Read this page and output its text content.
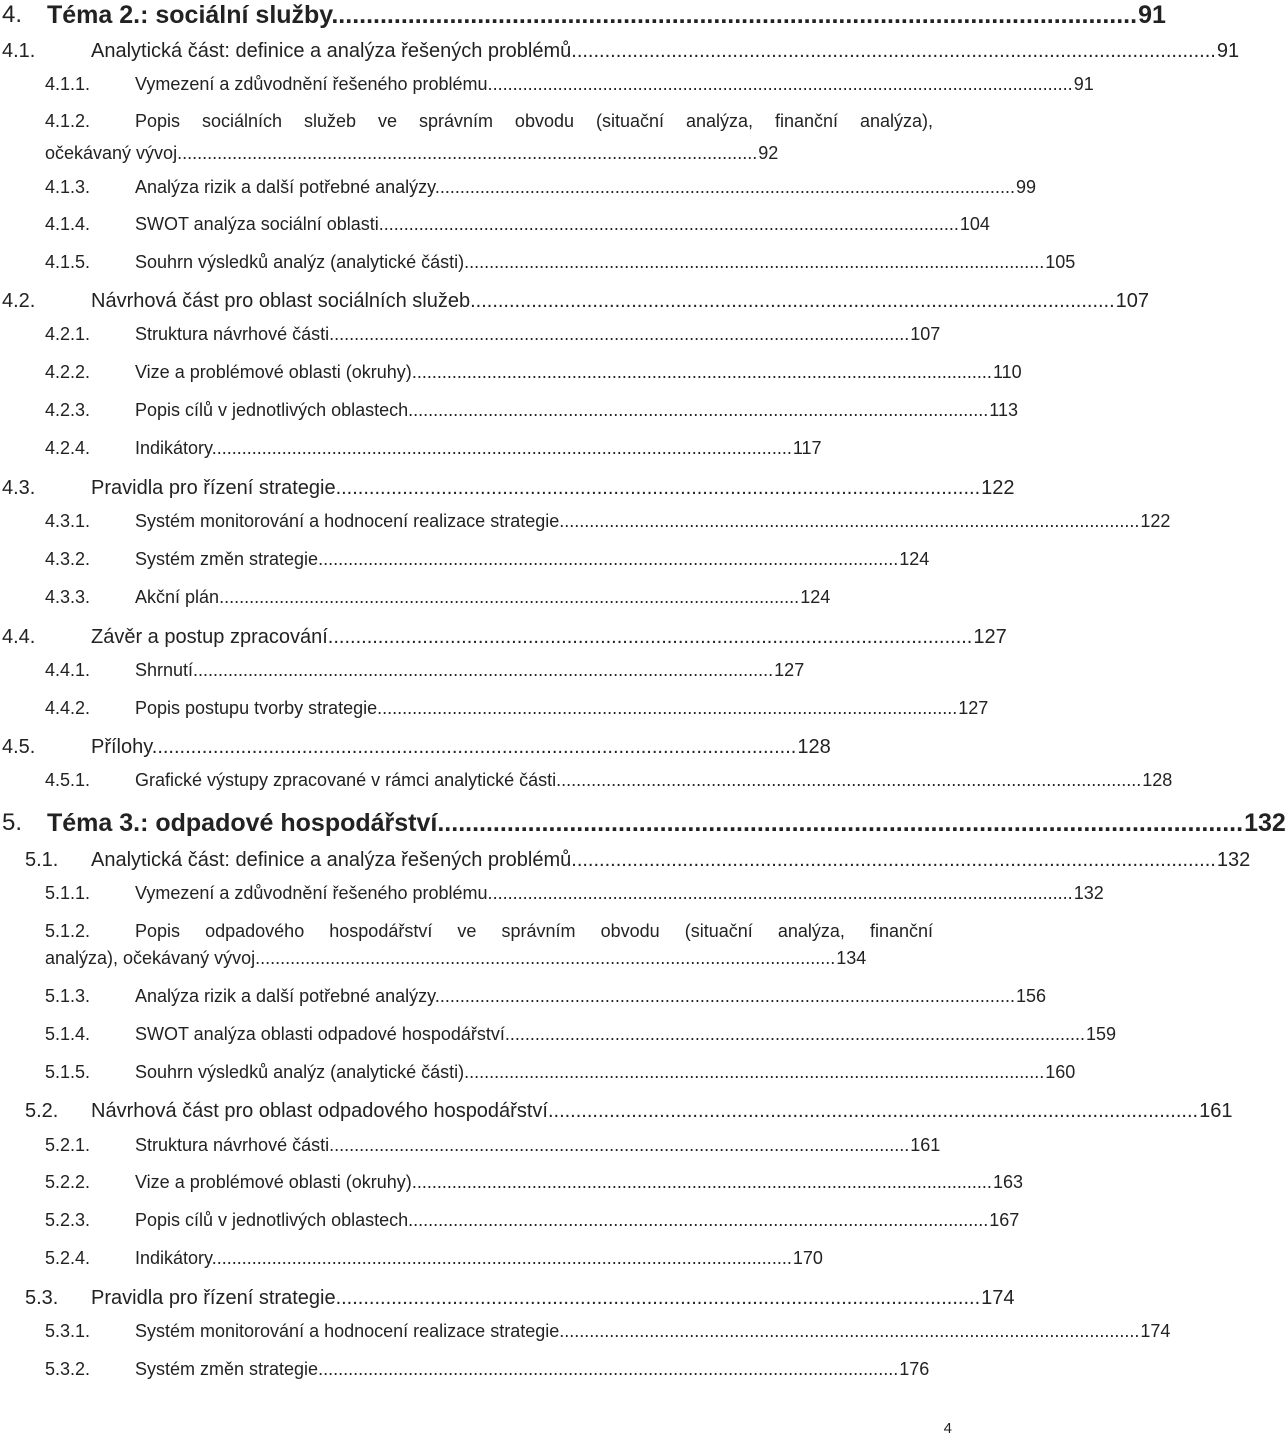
4. Téma 2.: sociální služby.................................................................................................................... 91
4.1.	Analytická část: definice a analýza řešených problémů.................................................................................................................... 91
4.1.1. Vymezení a zdůvodnění řešeného problému..................................................................................................................... 91
4.1.2. Popis sociálních služeb ve správním obvodu (situační analýza, finanční analýza),
očekávaný vývoj.................................................................................................................... 92
4.1.3. Analýza rizik a další potřebné analýzy.................................................................................................................... 99
4.1.4. SWOT analýza sociální oblasti.................................................................................................................... 104
4.1.5. Souhrn výsledků analýz (analytické části).................................................................................................................... 105
4.2.	Návrhová část pro oblast sociálních služeb.................................................................................................................... 107
4.2.1. Struktura návrhové části.................................................................................................................... 107
4.2.2. Vize a problémové oblasti (okruhy).................................................................................................................... 110
4.2.3. Popis cílů v jednotlivých oblastech.................................................................................................................... 113
4.2.4. Indikátory.................................................................................................................... 117
4.3.	Pravidla pro řízení strategie.................................................................................................................... 122
4.3.1. Systém monitorování a hodnocení realizace strategie.................................................................................................................... 122
4.3.2. Systém změn strategie.................................................................................................................... 124
4.3.3. Akční plán.................................................................................................................... 124
4.4.	Závěr a postup zpracování.................................................................................................................... 127
4.4.1. Shrnutí.................................................................................................................... 127
4.4.2. Popis postupu tvorby strategie.................................................................................................................... 127
4.5.	Přílohy.................................................................................................................... 128
4.5.1. Grafické výstupy zpracované v rámci analytické části..................................................................................................................... 128
5. Téma 3.: odpadové hospodářství.................................................................................................................... 132
5.1. Analytická část: definice a analýza řešených problémů.................................................................................................................... 132
5.1.1. Vymezení a zdůvodnění řešeného problému..................................................................................................................... 132
5.1.2. Popis odpadového hospodářství ve správním obvodu (situační analýza, finanční
analýza), očekávaný vývoj.................................................................................................................... 134
5.1.3. Analýza rizik a další potřebné analýzy.................................................................................................................... 156
5.1.4. SWOT analýza oblasti odpadové hospodářství.................................................................................................................... 159
5.1.5. Souhrn výsledků analýz (analytické části).................................................................................................................... 160
5.2. Návrhová část pro oblast odpadového hospodářství..................................................................................................................... 161
5.2.1. Struktura návrhové části.................................................................................................................... 161
5.2.2. Vize a problémové oblasti (okruhy).................................................................................................................... 163
5.2.3. Popis cílů v jednotlivých oblastech.................................................................................................................... 167
5.2.4. Indikátory.................................................................................................................... 170
5.3. Pravidla pro řízení strategie.................................................................................................................... 174
5.3.1. Systém monitorování a hodnocení realizace strategie.................................................................................................................... 174
5.3.2. Systém změn strategie.................................................................................................................... 176
4
